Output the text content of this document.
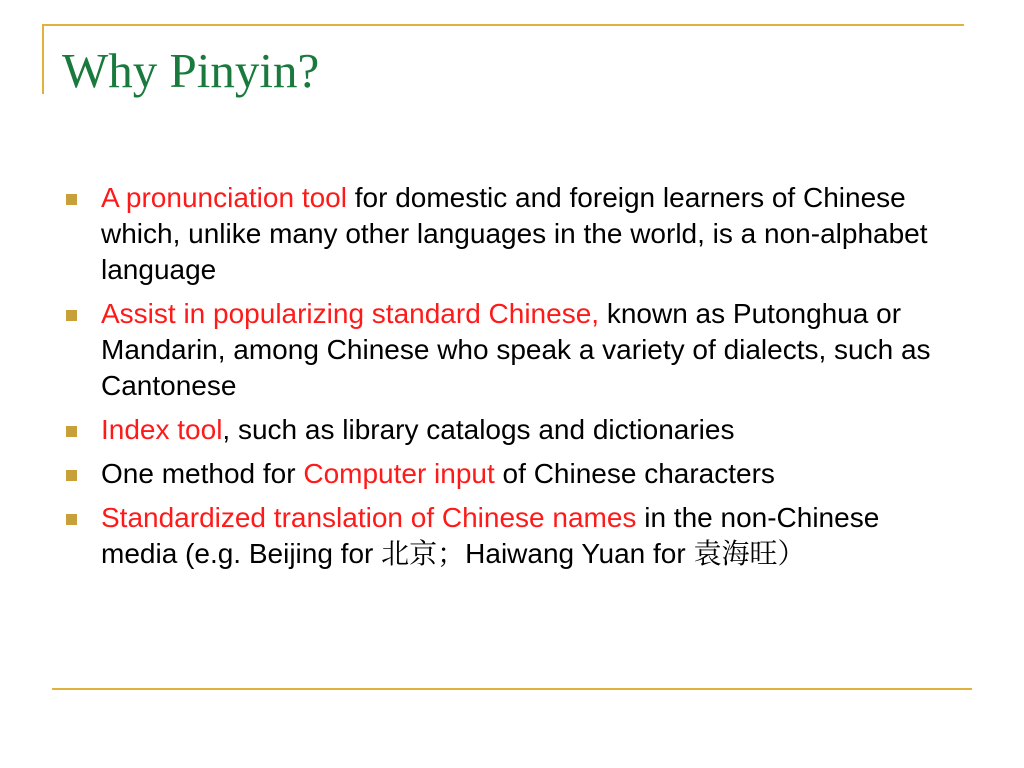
Why Pinyin?
A pronunciation tool for domestic and foreign learners of Chinese which, unlike many other languages in the world, is a non-alphabet language
Assist in popularizing standard Chinese, known as Putonghua or Mandarin, among Chinese who speak a variety of dialects, such as Cantonese
Index tool, such as library catalogs and dictionaries
One method for Computer input of Chinese characters
Standardized translation of Chinese names in the non-Chinese media (e.g. Beijing for 北京；Haiwang Yuan for 袁海旺）
